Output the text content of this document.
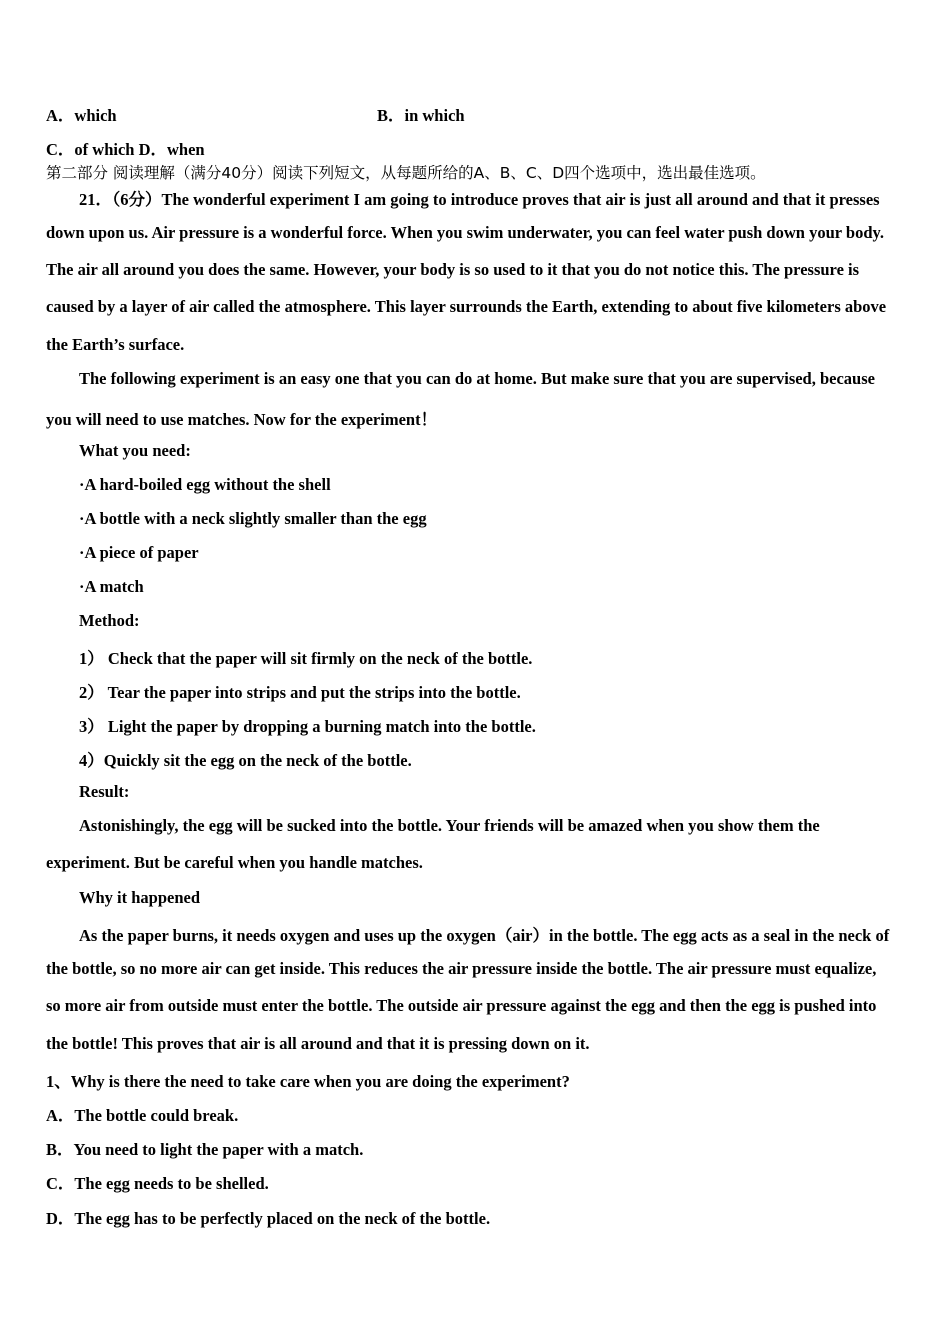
A．which	B．in which
C．of which D．when
第二部分 阅读理解（满分40分）阅读下列短文，从每题所给的A、B、C、D四个选项中，选出最佳选项。
21．（6分）The wonderful experiment I am going to introduce proves that air is just all around and that it presses
down upon us. Air pressure is a wonderful force. When you swim underwater, you can feel water push down your body.
The air all around you does the same. However, your body is so used to it that you do not notice this. The pressure is
caused by a layer of air called the atmosphere. This layer surrounds the Earth, extending to about five kilometers above
the Earth’s surface.
The following experiment is an easy one that you can do at home. But make sure that you are supervised, because
you will need to use matches. Now for the experiment！
What you need:
·A hard-boiled egg without the shell
·A bottle with a neck slightly smaller than the egg
·A piece of paper
·A match
Method:
1） Check that the paper will sit firmly on the neck of the bottle.
2） Tear the paper into strips and put the strips into the bottle.
3） Light the paper by dropping a burning match into the bottle.
4）Quickly sit the egg on the neck of the bottle.
Result:
Astonishingly, the egg will be sucked into the bottle. Your friends will be amazed when you show them the
experiment. But be careful when you handle matches.
Why it happened
As the paper burns, it needs oxygen and uses up the oxygen（air）in the bottle. The egg acts as a seal in the neck of
the bottle, so no more air can get inside. This reduces the air pressure inside the bottle. The air pressure must equalize,
so more air from outside must enter the bottle. The outside air pressure against the egg and then the egg is pushed into
the bottle! This proves that air is all around and that it is pressing down on it.
1、Why is there the need to take care when you are doing the experiment?
A．The bottle could break.
B．You need to light the paper with a match.
C．The egg needs to be shelled.
D．The egg has to be perfectly placed on the neck of the bottle.
